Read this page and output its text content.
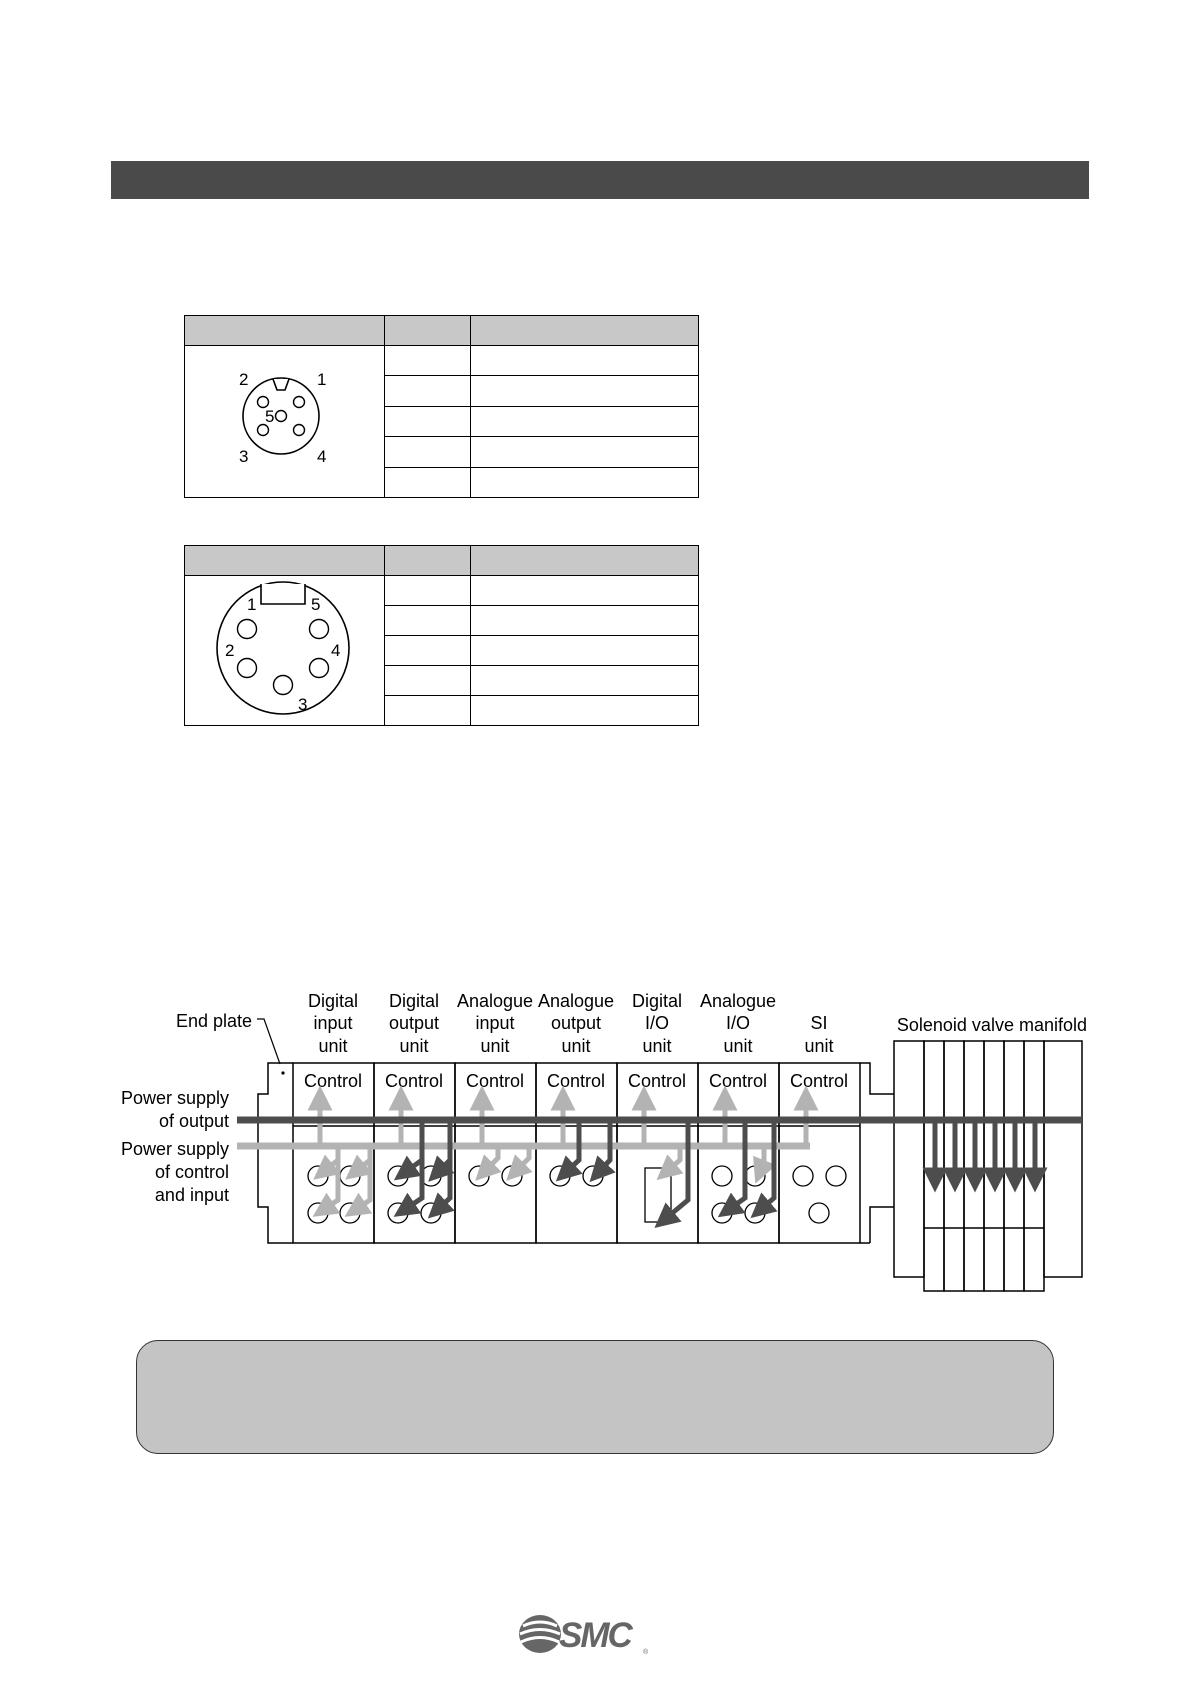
2 1
5
3 4		

1 5
2 4
3		

Digital
input
unit
Digital
output
unit
Analogue
input
unit
Analogue
output
unit
Digital
I/O
unit
Analogue
I/O
unit
SI
unit
End plate
Power supply
of output
Power supply
of control
and input
Solenoid valve manifold
Control Control Control Control Control Control Control
SMC	®
